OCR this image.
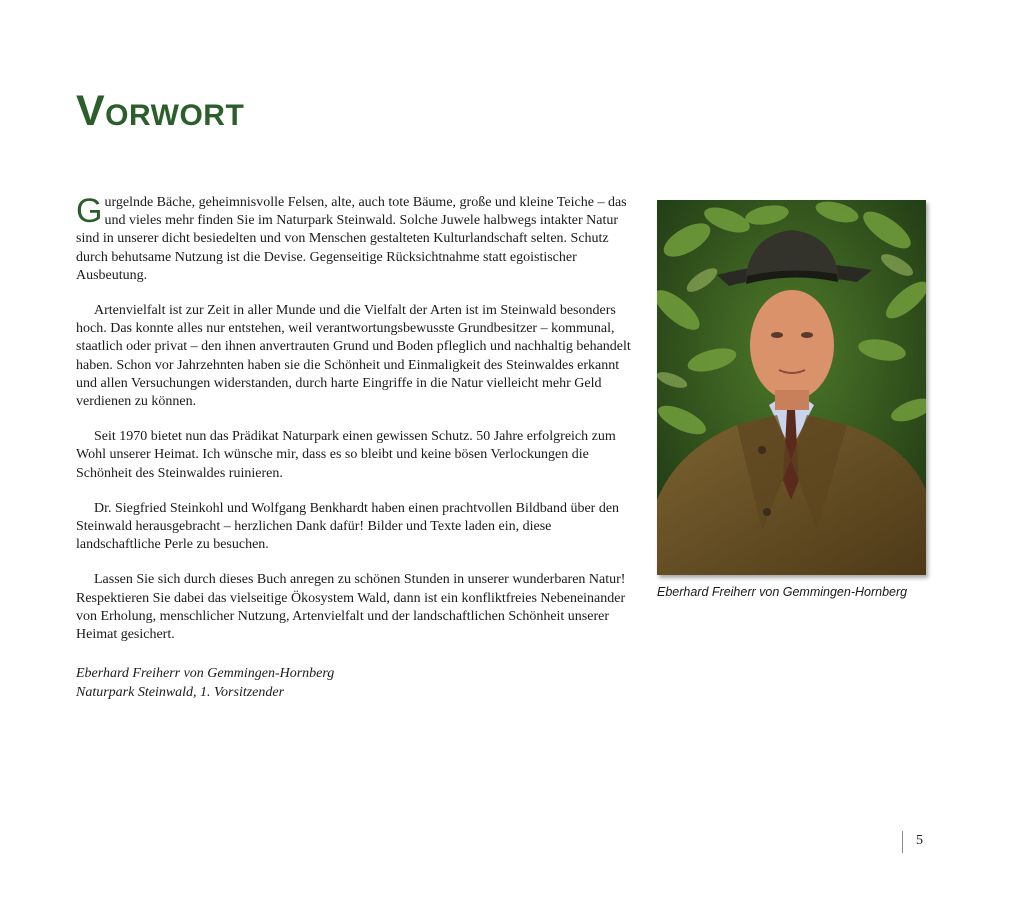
Vorwort

Gurgelnde Bäche, geheimnisvolle Felsen, alte, auch tote Bäume, große und kleine Teiche – das und vieles mehr finden Sie im Naturpark Steinwald. Solche Juwele halbwegs intakter Natur sind in unserer dicht besiedelten und von Menschen gestalteten Kulturlandschaft selten. Schutz durch behutsame Nutzung ist die Devise. Gegenseitige Rücksichtnahme statt egoistischer Ausbeutung.

Artenvielfalt ist zur Zeit in aller Munde und die Vielfalt der Arten ist im Steinwald besonders hoch. Das konnte alles nur entstehen, weil verantwortungsbewusste Grundbesitzer – kommunal, staatlich oder privat – den ihnen anvertrauten Grund und Boden pfleglich und nachhaltig behandelt haben. Schon vor Jahrzehnten haben sie die Schönheit und Einmaligkeit des Steinwaldes erkannt und allen Versuchungen widerstanden, durch harte Eingriffe in die Natur vielleicht mehr Geld verdienen zu können.

Seit 1970 bietet nun das Prädikat Naturpark einen gewissen Schutz. 50 Jahre erfolgreich zum Wohl unserer Heimat. Ich wünsche mir, dass es so bleibt und keine bösen Verlockungen die Schönheit des Steinwaldes ruinieren.

Dr. Siegfried Steinkohl und Wolfgang Benkhardt haben einen prachtvollen Bildband über den Steinwald herausgebracht – herzlichen Dank dafür! Bilder und Texte laden ein, diese landschaftliche Perle zu besuchen.

Lassen Sie sich durch dieses Buch anregen zu schönen Stunden in unserer wunderbaren Natur! Respektieren Sie dabei das vielseitige Ökosystem Wald, dann ist ein konfliktfreies Nebeneinander von Erholung, menschlicher Nutzung, Artenvielfalt und der landschaftlichen Schönheit unserer Heimat gesichert.

Eberhard Freiherr von Gemmingen-Hornberg
Naturpark Steinwald, 1. Vorsitzender
Eberhard Freiherr von Gemmingen-Hornberg
5
